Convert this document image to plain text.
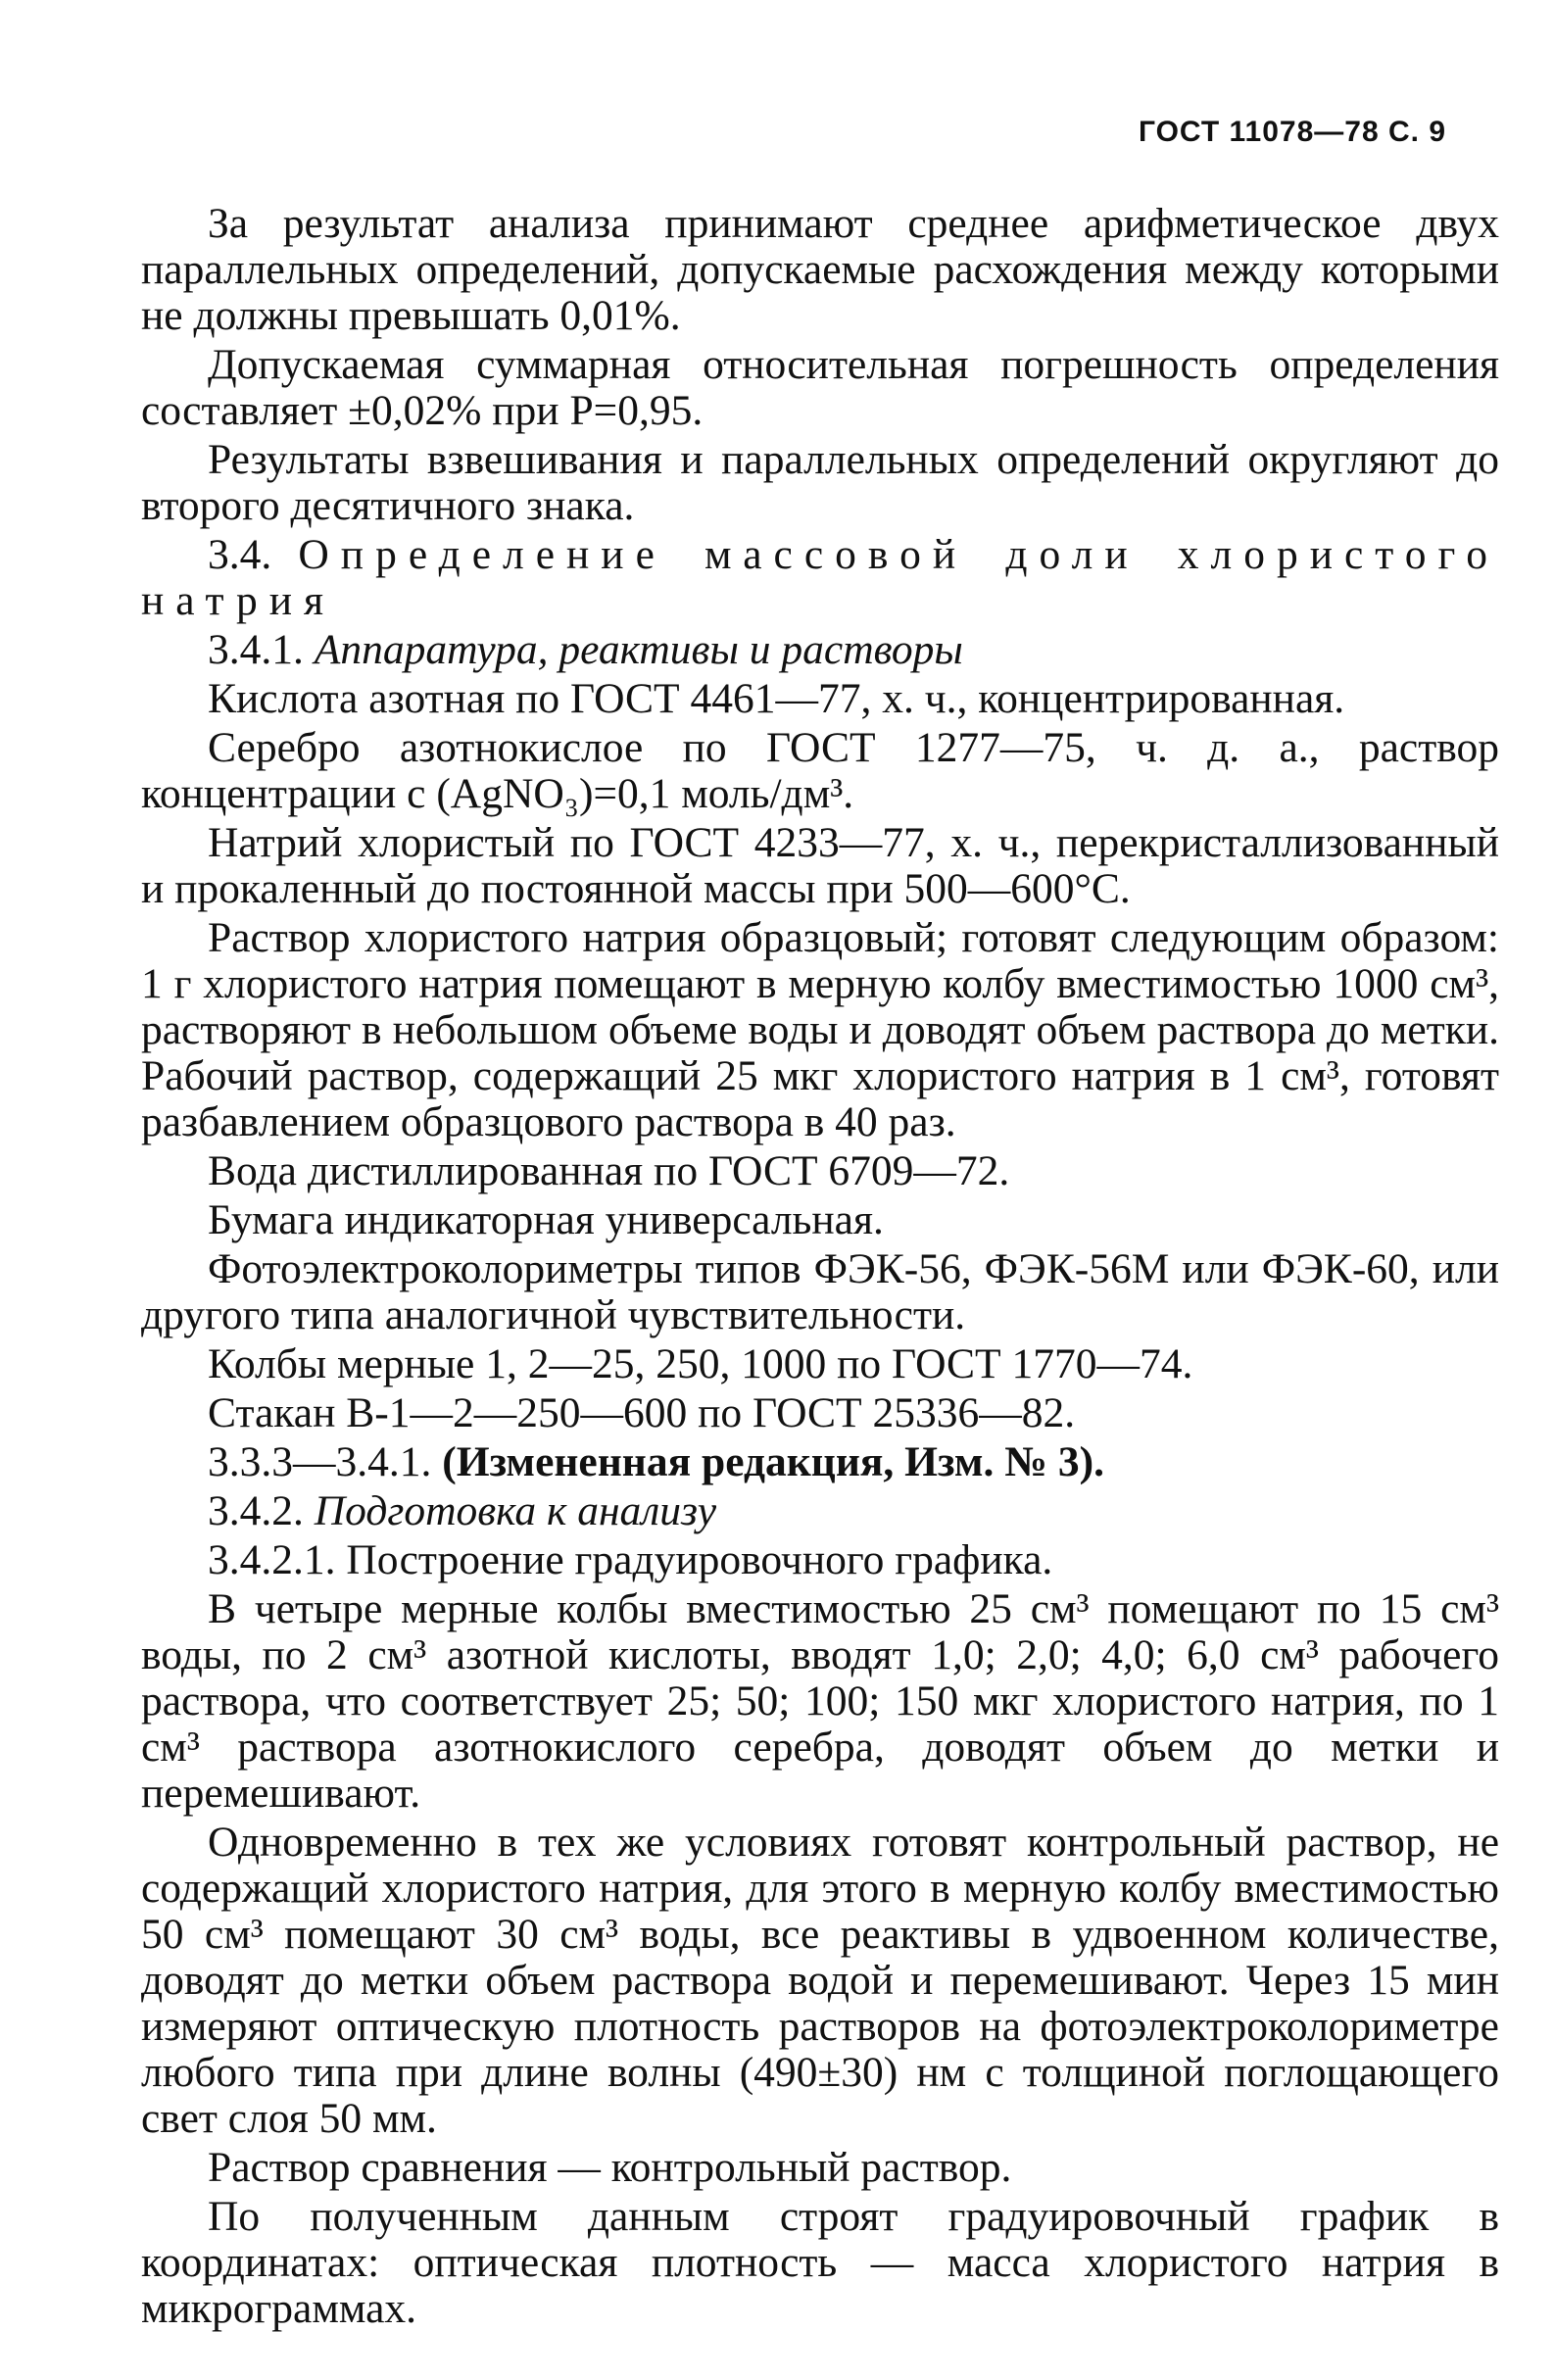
ГОСТ 11078—78 С. 9

За результат анализа принимают среднее арифметическое двух параллельных определений, допускаемые расхождения между которыми не должны превышать 0,01%.

Допускаемая суммарная относительная погрешность определения составляет ±0,02% при P=0,95.

Результаты взвешивания и параллельных определений округляют до второго десятичного знака.

3.4. Определение массовой доли хлористого натрия

3.4.1. Аппаратура, реактивы и растворы

Кислота азотная по ГОСТ 4461—77, х. ч., концентрированная.

Серебро азотнокислое по ГОСТ 1277—75, ч. д. а., раствор концентрации c (AgNO₃)=0,1 моль/дм³.

Натрий хлористый по ГОСТ 4233—77, х. ч., перекристаллизованный и прокаленный до постоянной массы при 500—600°С.

Раствор хлористого натрия образцовый; готовят следующим образом: 1 г хлористого натрия помещают в мерную колбу вместимостью 1000 см³, растворяют в небольшом объеме воды и доводят объем раствора до метки. Рабочий раствор, содержащий 25 мкг хлористого натрия в 1 см³, готовят разбавлением образцового раствора в 40 раз.

Вода дистиллированная по ГОСТ 6709—72.

Бумага индикаторная универсальная.

Фотоэлектроколориметры типов ФЭК-56, ФЭК-56М или ФЭК-60, или другого типа аналогичной чувствительности.

Колбы мерные 1, 2—25, 250, 1000 по ГОСТ 1770—74.

Стакан В-1—2—250—600 по ГОСТ 25336—82.

3.3.3—3.4.1. (Измененная редакция, Изм. № 3).

3.4.2. Подготовка к анализу

3.4.2.1. Построение градуировочного графика.

В четыре мерные колбы вместимостью 25 см³ помещают по 15 см³ воды, по 2 см³ азотной кислоты, вводят 1,0; 2,0; 4,0; 6,0 см³ рабочего раствора, что соответствует 25; 50; 100; 150 мкг хлористого натрия, по 1 см³ раствора азотнокислого серебра, доводят объем до метки и перемешивают.

Одновременно в тех же условиях готовят контрольный раствор, не содержащий хлористого натрия, для этого в мерную колбу вместимостью 50 см³ помещают 30 см³ воды, все реактивы в удвоенном количестве, доводят до метки объем раствора водой и перемешивают. Через 15 мин измеряют оптическую плотность растворов на фотоэлектроколориметре любого типа при длине волны (490±30) нм с толщиной поглощающего свет слоя 50 мм.

Раствор сравнения — контрольный раствор.

По полученным данным строят градуировочный график в координатах: оптическая плотность — масса хлористого натрия в микрограммах.
